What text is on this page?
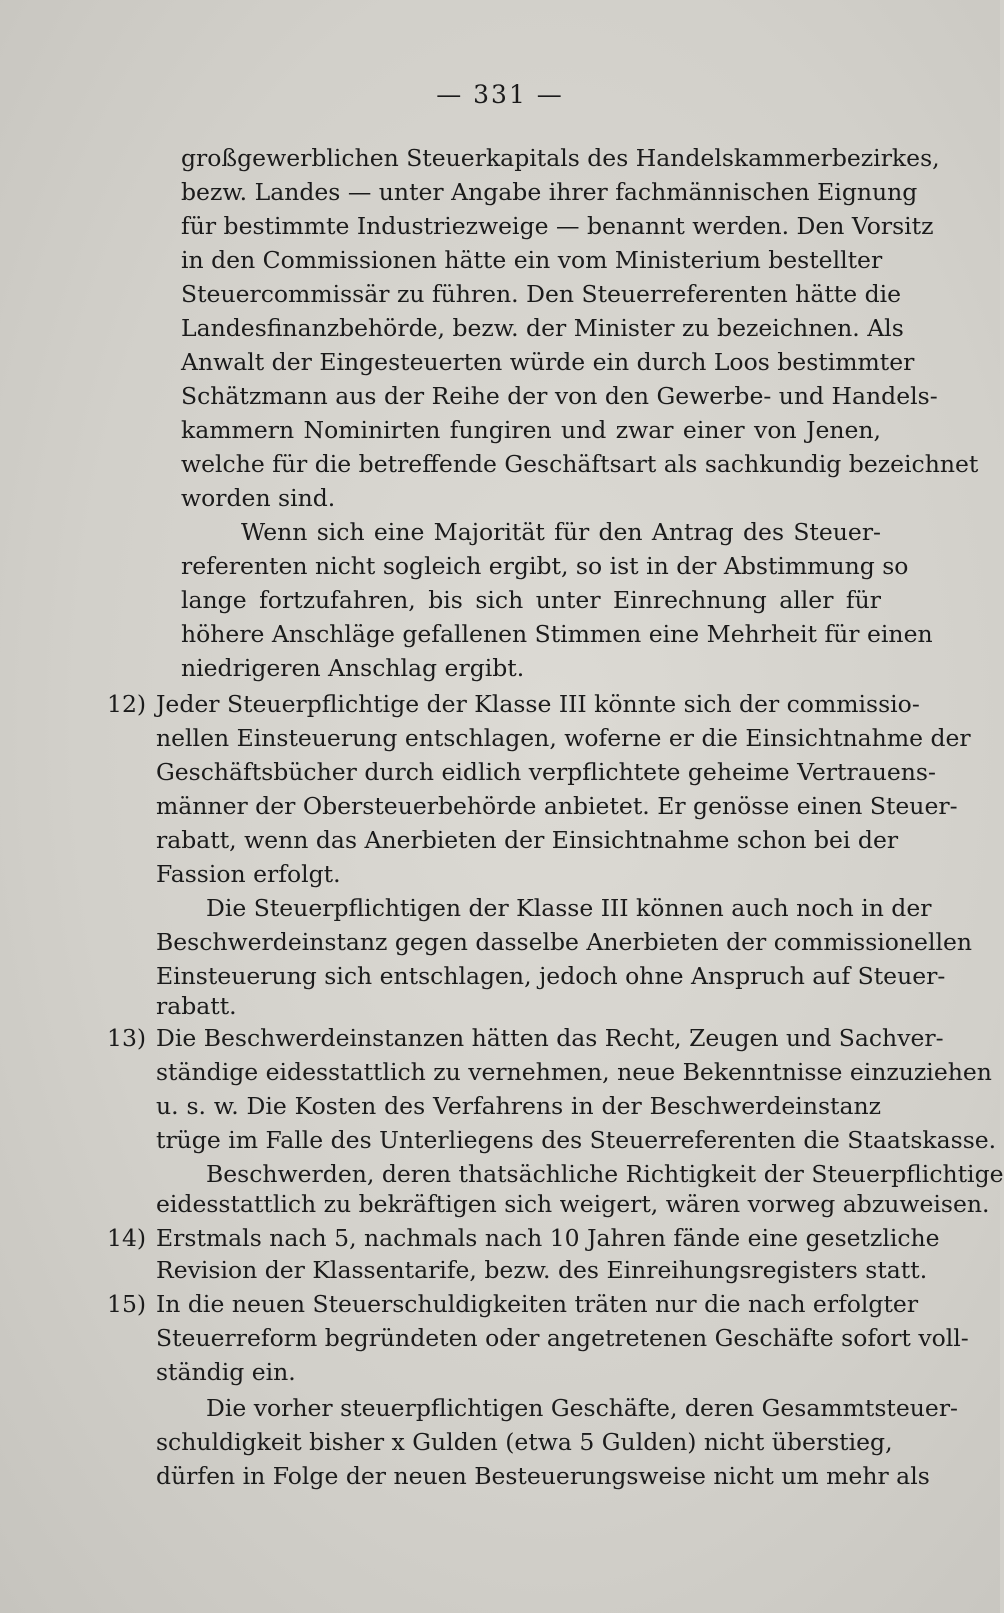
— 331 —
12)
13)
14)
15)
großgewerblichen Steuerkapitals des Handelskammerbezirkes,
bezw. Landes — unter Angabe ihrer fachmännischen Eignung
für bestimmte Industriezweige — benannt werden. Den Vorsitz
in den Commissionen hätte ein vom Ministerium bestellter
Steuercommissär zu führen. Den Steuerreferenten hätte die
Landesfinanzbehörde, bezw. der Minister zu bezeichnen. Als
Anwalt der Eingesteuerten würde ein durch Loos bestimmter
Schätzmann aus der Reihe der von den Gewerbe- und Handels-
kammern Nominirten fungiren und zwar einer von Jenen,
welche für die betreffende Geschäftsart als sachkundig bezeichnet
worden sind.
Wenn sich eine Majorität für den Antrag des Steuer-
referenten nicht sogleich ergibt, so ist in der Abstimmung so
lange fortzufahren, bis sich unter Einrechnung aller für
höhere Anschläge gefallenen Stimmen eine Mehrheit für einen
niedrigeren Anschlag ergibt.
Jeder Steuerpflichtige der Klasse III könnte sich der commissio-
nellen Einsteuerung entschlagen, woferne er die Einsichtnahme der
Geschäftsbücher durch eidlich verpflichtete geheime Vertrauens-
männer der Obersteuerbehörde anbietet. Er genösse einen Steuer-
rabatt, wenn das Anerbieten der Einsichtnahme schon bei der
Fassion erfolgt.
Die Steuerpflichtigen der Klasse III können auch noch in der
Beschwerdeinstanz gegen dasselbe Anerbieten der commissionellen
Einsteuerung sich entschlagen, jedoch ohne Anspruch auf Steuer-
rabatt.
Die Beschwerdeinstanzen hätten das Recht, Zeugen und Sachver-
ständige eidesstattlich zu vernehmen, neue Bekenntnisse einzuziehen
u. s. w. Die Kosten des Verfahrens in der Beschwerdeinstanz
trüge im Falle des Unterliegens des Steuerreferenten die Staatskasse.
Beschwerden, deren thatsächliche Richtigkeit der Steuerpflichtige
eidesstattlich zu bekräftigen sich weigert, wären vorweg abzuweisen.
Erstmals nach 5, nachmals nach 10 Jahren fände eine gesetzliche
Revision der Klassentarife, bezw. des Einreihungsregisters statt.
In die neuen Steuerschuldigkeiten träten nur die nach erfolgter
Steuerreform begründeten oder angetretenen Geschäfte sofort voll-
ständig ein.
Die vorher steuerpflichtigen Geschäfte, deren Gesammtsteuer-
schuldigkeit bisher x Gulden (etwa 5 Gulden) nicht überstieg,
dürfen in Folge der neuen Besteuerungsweise nicht um mehr als
